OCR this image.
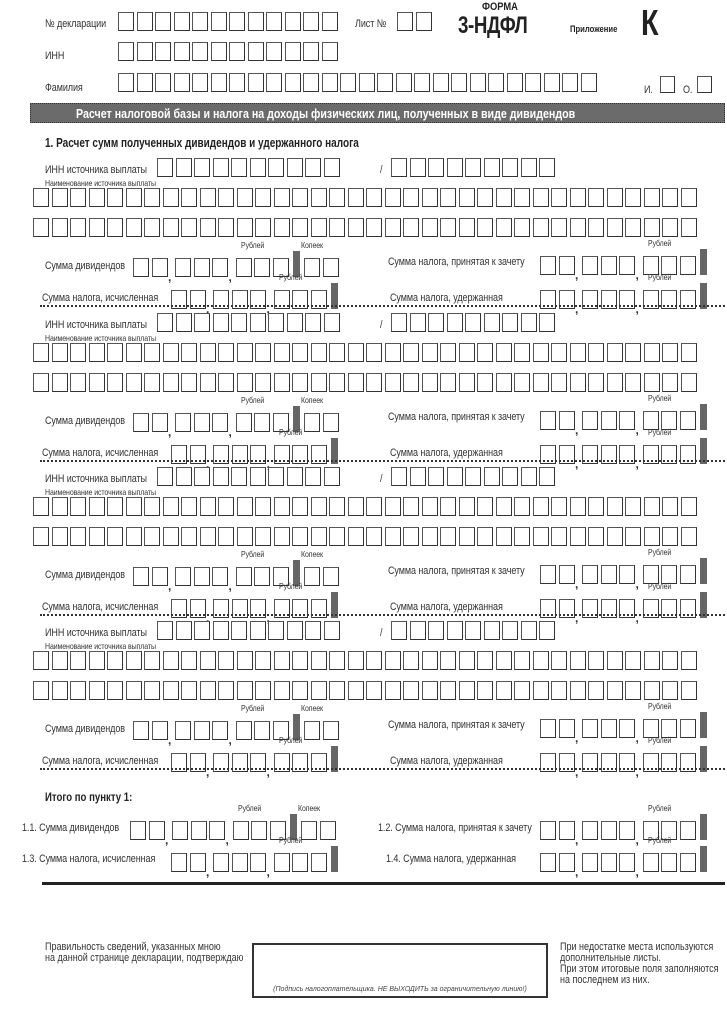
№ декларации	Лист №
ФОРМА
3-НДФЛ	Приложение К
ИНН
Фамилия	И.	О.
Расчет налоговой базы и налога на доходы физических лиц, полученных в виде дивидендов
1. Расчет сумм полученных дивидендов и удержанного налога
ИНН источника выплаты	/
Наименование источника выплаты
Сумма дивидендов
Рублей	Копеек
Сумма налога, принятая к зачету
Рублей
Сумма налога, исчисленная
Рублей
Сумма налога, удержанная
Рублей
ИНН источника выплаты	/
Наименование источника выплаты
Сумма дивидендов
Рублей	Копеек
Сумма налога, принятая к зачету
Рублей
Сумма налога, исчисленная
Рублей
Сумма налога, удержанная
Рублей
ИНН источника выплаты	/
Наименование источника выплаты
Сумма дивидендов
Рублей	Копеек
Сумма налога, принятая к зачету
Рублей
Сумма налога, исчисленная
Рублей
Сумма налога, удержанная
Рублей
ИНН источника выплаты	/
Наименование источника выплаты
Сумма дивидендов
Рублей	Копеек
Сумма налога, принятая к зачету
Рублей
Сумма налога, исчисленная
Рублей
Сумма налога, удержанная
Рублей
Итого по пункту 1:
1.1. Сумма дивидендов
Рублей	Копеек
1.2. Сумма налога, принятая к зачету
Рублей
1.3. Сумма налога, исчисленная
Рублей
1.4. Сумма налога, удержанная
Рублей
Правильность сведений, указанных мною
на данной странице декларации, подтверждаю
(Подпись налогоплательщика. НЕ ВЫХОДИТЬ за ограничительную линию!)
При недостатке места используются
дополнительные листы.
При этом итоговые поля заполняются
на последнем из них.
